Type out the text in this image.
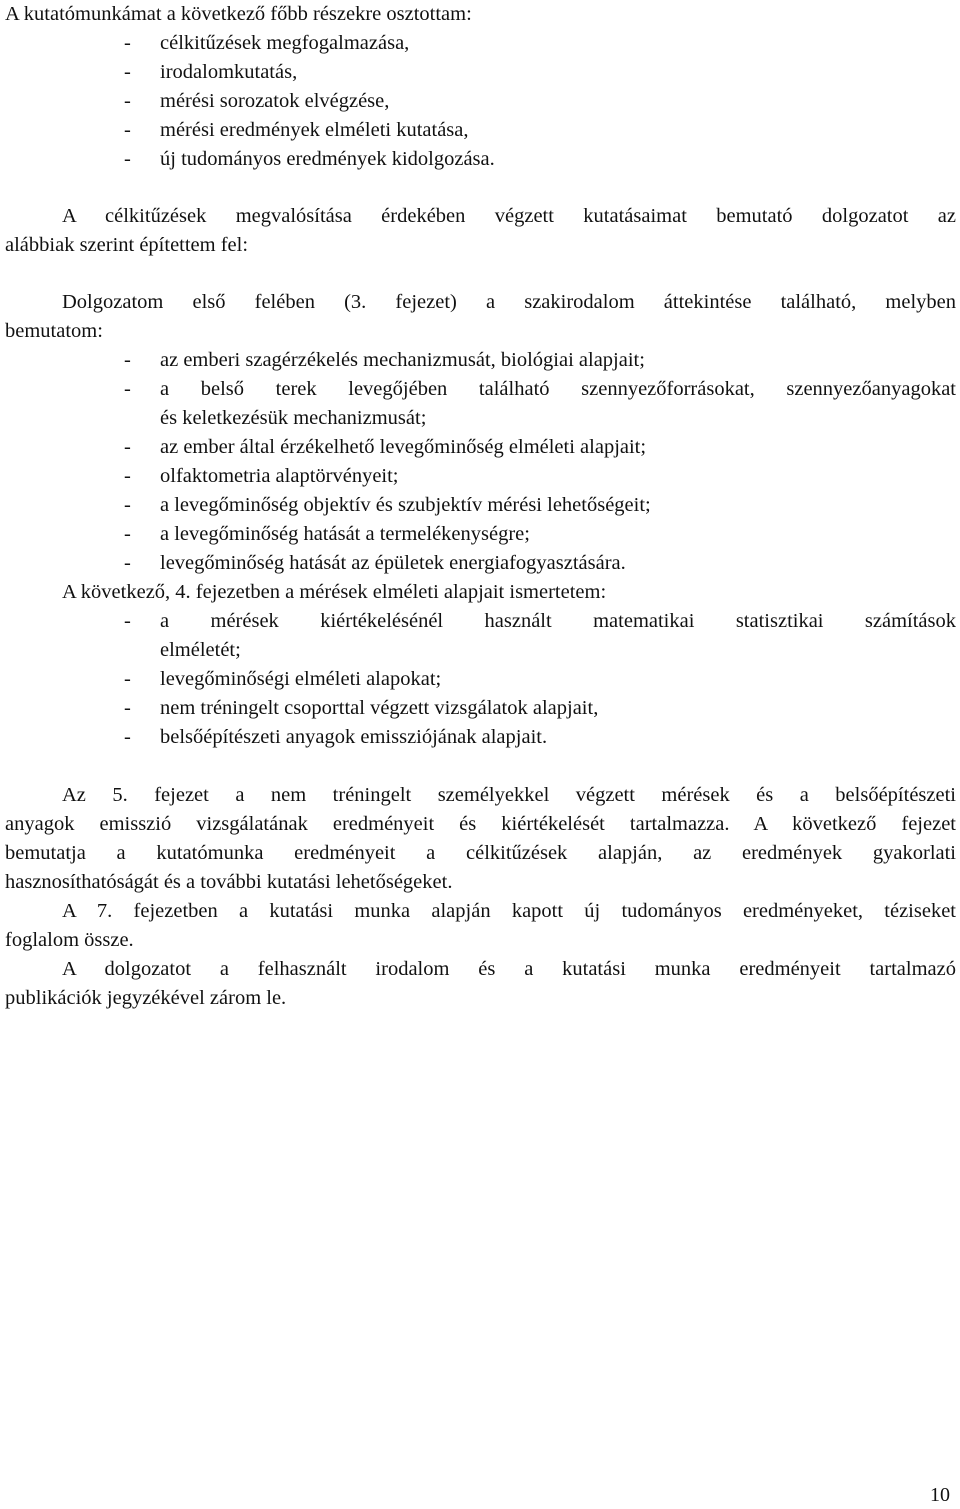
A kutatómunkámat a következő főbb részekre osztottam:
- célkitűzések megfogalmazása,
- irodalomkutatás,
- mérési sorozatok elvégzése,
- mérési eredmények elméleti kutatása,
- új tudományos eredmények kidolgozása.
A célkitűzések megvalósítása érdekében végzett kutatásaimat bemutató dolgozatot az
alábbiak szerint építettem fel:
Dolgozatom első felében (3. fejezet) a szakirodalom áttekintése található, melyben
bemutatom:
- az emberi szagérzékelés mechanizmusát, biológiai alapjait;
- a belső terek levegőjében található szennyezőforrásokat, szennyezőanyagokat
és keletkezésük mechanizmusát;
- az ember által érzékelhető levegőminőség elméleti alapjait;
- olfaktometria alaptörvényeit;
- a levegőminőség objektív és szubjektív mérési lehetőségeit;
- a levegőminőség hatását a termelékenységre;
- levegőminőség hatását az épületek energiafogyasztására.
A következő, 4. fejezetben a mérések elméleti alapjait ismertetem:
- a mérések kiértékelésénél használt matematikai statisztikai számítások
elméletét;
- levegőminőségi elméleti alapokat;
- nem tréningelt csoporttal végzett vizsgálatok alapjait,
- belsőépítészeti anyagok emissziójának alapjait.
Az 5. fejezet a nem tréningelt személyekkel végzett mérések és a belsőépítészeti
anyagok emisszió vizsgálatának eredményeit és kiértékelését tartalmazza. A következő fejezet
bemutatja a kutatómunka eredményeit a célkitűzések alapján, az eredmények gyakorlati
hasznosíthatóságát és a további kutatási lehetőségeket.
A 7. fejezetben a kutatási munka alapján kapott új tudományos eredményeket, téziseket
foglalom össze.
A dolgozatot a felhasznált irodalom és a kutatási munka eredményeit tartalmazó
publikációk jegyzékével zárom le.
10
